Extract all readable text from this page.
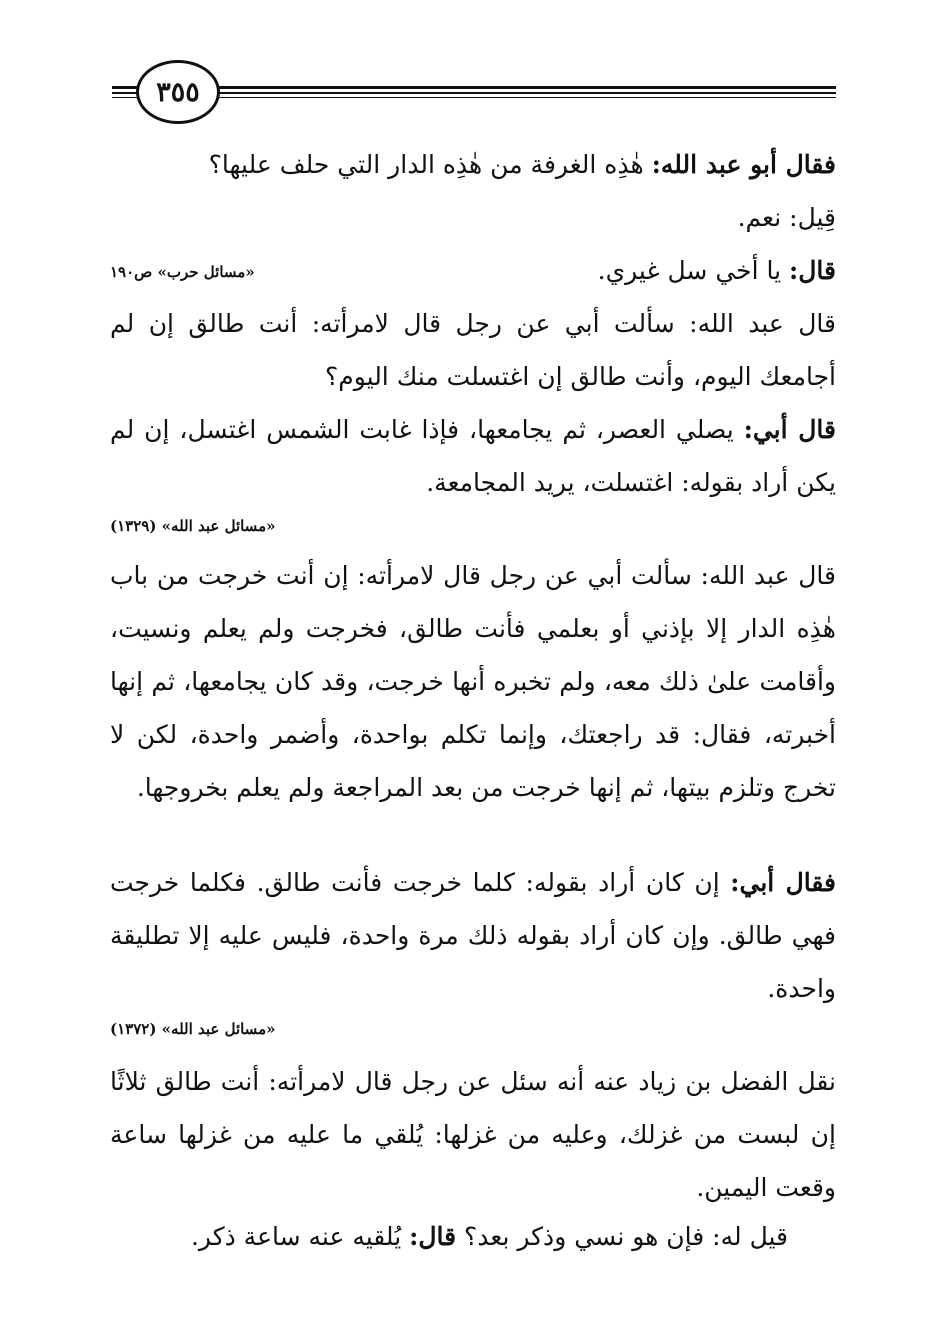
٣٥٥
فقال أبو عبد الله: هٰذِه الغرفة من هٰذِه الدار التي حلف عليها؟
قِيل: نعم.
قال: يا أخي سل غيري.
«مسائل حرب» ص١٩٠
قال عبد الله: سألت أبي عن رجل قال لامرأته: أنت طالق إن لم أجامعك اليوم، وأنت طالق إن اغتسلت منك اليوم؟
قال أبي: يصلي العصر، ثم يجامعها، فإذا غابت الشمس اغتسل، إن لم يكن أراد بقوله: اغتسلت، يريد المجامعة.
«مسائل عبد الله» (١٣٢٩)
قال عبد الله: سألت أبي عن رجل قال لامرأته: إن أنت خرجت من باب هٰذِه الدار إلا بإذني أو بعلمي فأنت طالق، فخرجت ولم يعلم ونسيت، وأقامت علىٰ ذلك معه، ولم تخبره أنها خرجت، وقد كان يجامعها، ثم إنها أخبرته، فقال: قد راجعتك، وإنما تكلم بواحدة، وأضمر واحدة، لكن لا تخرج وتلزم بيتها، ثم إنها خرجت من بعد المراجعة ولم يعلم بخروجها.
فقال أبي: إن كان أراد بقوله: كلما خرجت فأنت طالق. فكلما خرجت فهي طالق. وإن كان أراد بقوله ذلك مرة واحدة، فليس عليه إلا تطليقة واحدة.
«مسائل عبد الله» (١٣٧٢)
نقل الفضل بن زياد عنه أنه سئل عن رجل قال لامرأته: أنت طالق ثلاثًا إن لبست من غزلك، وعليه من غزلها: يُلقي ما عليه من غزلها ساعة وقعت اليمين.
قيل له: فإن هو نسي وذكر بعد؟ قال: يُلقيه عنه ساعة ذكر.
